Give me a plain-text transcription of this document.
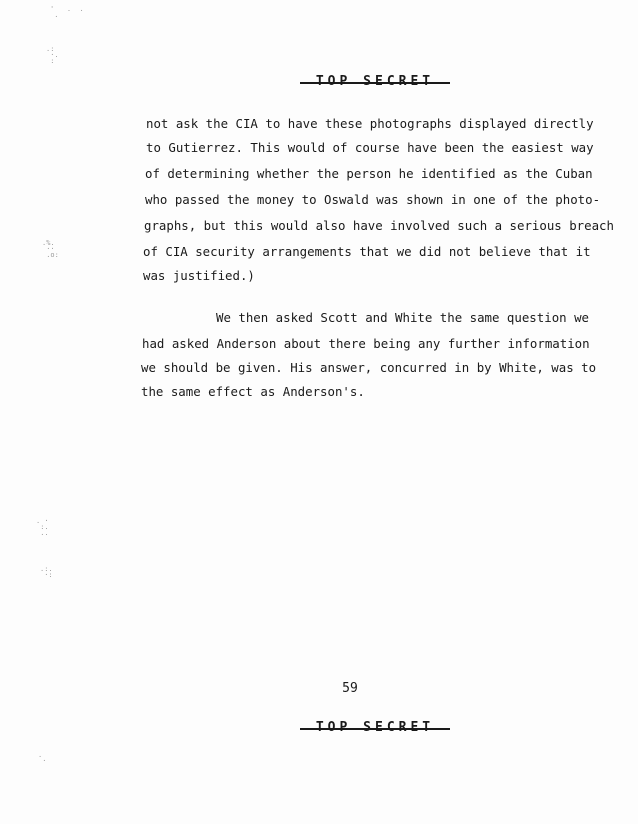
'   .  .
.
.:
·.
:
.%.
··
.o:
. ·
:.
..
.:.
·:
.
·
not ask the CIA to have these photographs displayed directly
to Gutierrez. This would of course have been the easiest way
of determining whether the person he identified as the Cuban
who passed the money to Oswald was shown in one of the photo-
graphs, but this would also have involved such a serious breach
of CIA security arrangements that we did not believe that it
was justified.)
We then asked Scott and White the same question we
had asked Anderson about there being any further information
we should be given. His answer, concurred in by White, was to
the same effect as Anderson's.
59
